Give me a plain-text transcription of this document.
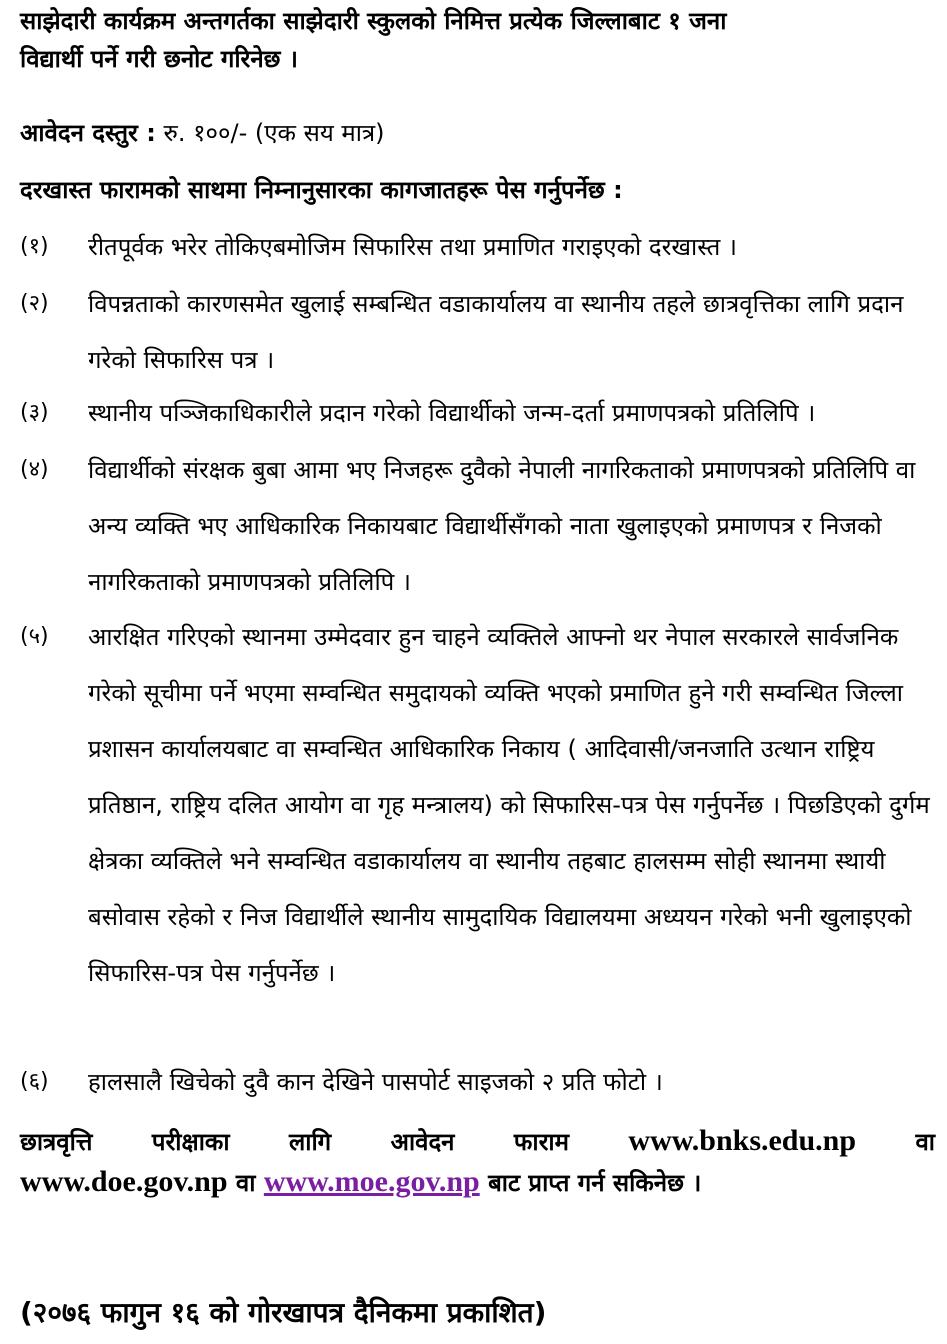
साझेदारी कार्यक्रम अन्तगर्तका साझेदारी स्कुलको निमित्त प्रत्येक जिल्लाबाट १ जना
विद्यार्थी पर्ने गरी छनोट गरिनेछ ।
आवेदन दस्तुर : रु. १००/- (एक सय मात्र)
दरखास्त फारामको साथमा निम्नानुसारका कागजातहरू पेस गर्नुपर्नेछ :
(१) रीतपूर्वक भरेर तोकिएबमोजिम सिफारिस तथा प्रमाणित गराइएको दरखास्त ।
(२) विपन्नताको कारणसमेत खुलाई सम्बन्धित वडाकार्यालय वा स्थानीय तहले छात्रवृत्तिका लागि प्रदान गरेको सिफारिस पत्र ।
(३) स्थानीय पञ्जिकाधिकारीले प्रदान गरेको विद्यार्थीको जन्म-दर्ता प्रमाणपत्रको प्रतिलिपि ।
(४) विद्यार्थीको संरक्षक बुबा आमा भए निजहरू दुवैको नेपाली नागरिकताको प्रमाणपत्रको प्रतिलिपि वा अन्य व्यक्ति भए आधिकारिक निकायबाट विद्यार्थीसँगको नाता खुलाइएको प्रमाणपत्र र निजको नागरिकताको प्रमाणपत्रको प्रतिलिपि ।
(५) आरक्षित गरिएको स्थानमा उम्मेदवार हुन चाहने व्यक्तिले आफ्नो थर नेपाल सरकारले सार्वजनिक गरेको सूचीमा पर्ने भएमा सम्वन्धित समुदायको व्यक्ति भएको प्रमाणित हुने गरी सम्वन्धित जिल्ला प्रशासन कार्यालयबाट वा सम्वन्धित आधिकारिक निकाय ( आदिवासी/जनजाति उत्थान राष्ट्रिय प्रतिष्ठान, राष्ट्रिय दलित आयोग वा गृह मन्त्रालय) को सिफारिस-पत्र पेस गर्नुपर्नेछ । पिछडिएको दुर्गम क्षेत्रका व्यक्तिले भने सम्वन्धित वडाकार्यालय वा स्थानीय तहबाट हालसम्म सोही स्थानमा स्थायी बसोवास रहेको र निज विद्यार्थीले स्थानीय सामुदायिक विद्यालयमा अध्ययन गरेको भनी खुलाइएको सिफारिस-पत्र पेस गर्नुपर्नेछ ।
(६) हालसालै खिचेको दुवै कान देखिने पासपोर्ट साइजको २ प्रति फोटो ।
छात्रवृत्ति परीक्षाका लागि आवेदन फाराम www.bnks.edu.np वा
www.doe.gov.np वा www.moe.gov.np बाट प्राप्त गर्न सकिनेछ ।
(२०७६ फागुन १६ को गोरखापत्र दैनिकमा प्रकाशित)
